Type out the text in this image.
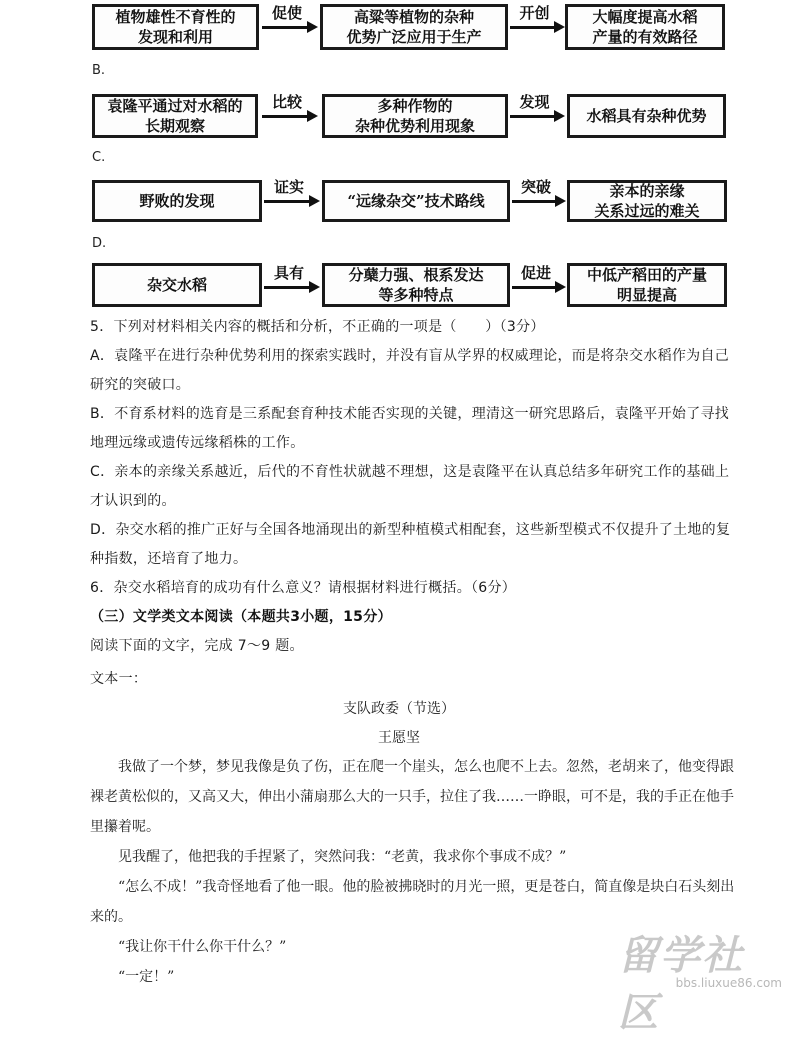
植物雄性不育性的
发现和利用
促使	高粱等植物的杂种
优势广泛应用于生产
开创	大幅度提高水稻
产量的有效路径
B.
袁隆平通过对水稻的
长期观察
比较	多种作物的
杂种优势利用现象
发现
水稻具有杂种优势
C.
野败的发现
证实
“远缘杂交”技术路线
突破	亲本的亲缘
关系过远的难关
D.
杂交水稻
具有	分蘖力强、根系发达
等多种特点
促进	中低产稻田的产量
明显提高
5．下列对材料相关内容的概括和分析，不正确的一项是（　　）（3分）
A．袁隆平在进行杂种优势利用的探索实践时，并没有盲从学界的权威理论，而是将杂交水稻作为自己研究的突破口。
B．不育系材料的选育是三系配套育种技术能否实现的关键，理清这一研究思路后，袁隆平开始了寻找地理远缘或遗传远缘稻株的工作。
C．亲本的亲缘关系越近，后代的不育性状就越不理想，这是袁隆平在认真总结多年研究工作的基础上才认识到的。
D．杂交水稻的推广正好与全国各地涌现出的新型种植模式相配套，这些新型模式不仅提升了土地的复种指数，还培育了地力。
6．杂交水稻培育的成功有什么意义？请根据材料进行概括。（6分）
（三）文学类文本阅读（本题共3小题，15分）
阅读下面的文字，完成 7～9 题。
文本一：
支队政委（节选）
王愿坚

我做了一个梦，梦见我像是负了伤，正在爬一个崖头，怎么也爬不上去。忽然，老胡来了，他变得跟裸老黄松似的，又高又大，伸出小蒲扇那么大的一只手，拉住了我……一睁眼，可不是，我的手正在他手里攥着呢。

见我醒了，他把我的手捏紧了，突然问我：“老黄，我求你个事成不成？”

“怎么不成！”我奇怪地看了他一眼。他的脸被拂晓时的月光一照，更是苍白，简直像是块白石头刻出来的。

“我让你干什么你干什么？”

“一定！”	留学社区
bbs.liuxue86.com
